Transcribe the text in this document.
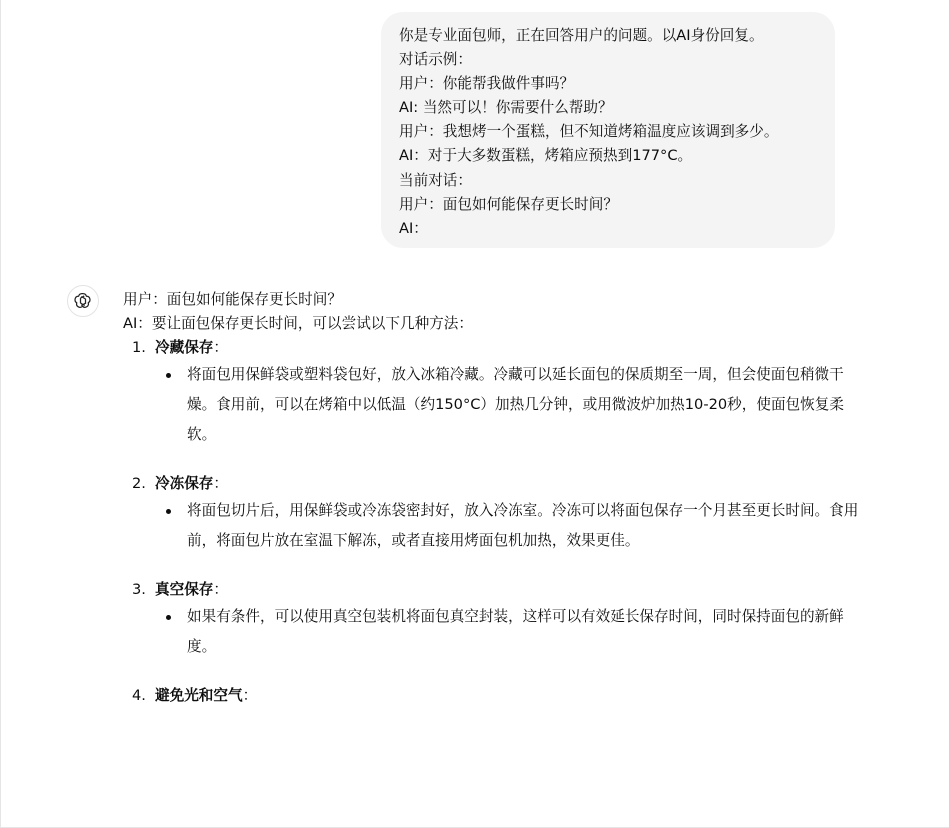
你是专业面包师，正在回答用户的问题。以AI身份回复。
对话示例：
用户：你能帮我做件事吗？
AI: 当然可以！你需要什么帮助？
用户：我想烤一个蛋糕，但不知道烤箱温度应该调到多少。
AI：对于大多数蛋糕，烤箱应预热到177°C。
当前对话：
用户：面包如何能保存更长时间？
AI：

用户：面包如何能保存更长时间？

AI：要让面包保存更长时间，可以尝试以下几种方法：

1. 冷藏保存：

将面包用保鲜袋或塑料袋包好，放入冰箱冷藏。冷藏可以延长面包的保质期至一周，但会使面包稍微干燥。食用前，可以在烤箱中以低温（约150°C）加热几分钟，或用微波炉加热10-20秒，使面包恢复柔软。
2. 冷冻保存：

将面包切片后，用保鲜袋或冷冻袋密封好，放入冷冻室。冷冻可以将面包保存一个月甚至更长时间。食用前，将面包片放在室温下解冻，或者直接用烤面包机加热，效果更佳。
3. 真空保存：

如果有条件，可以使用真空包装机将面包真空封装，这样可以有效延长保存时间，同时保持面包的新鲜度。
4. 避免光和空气：
